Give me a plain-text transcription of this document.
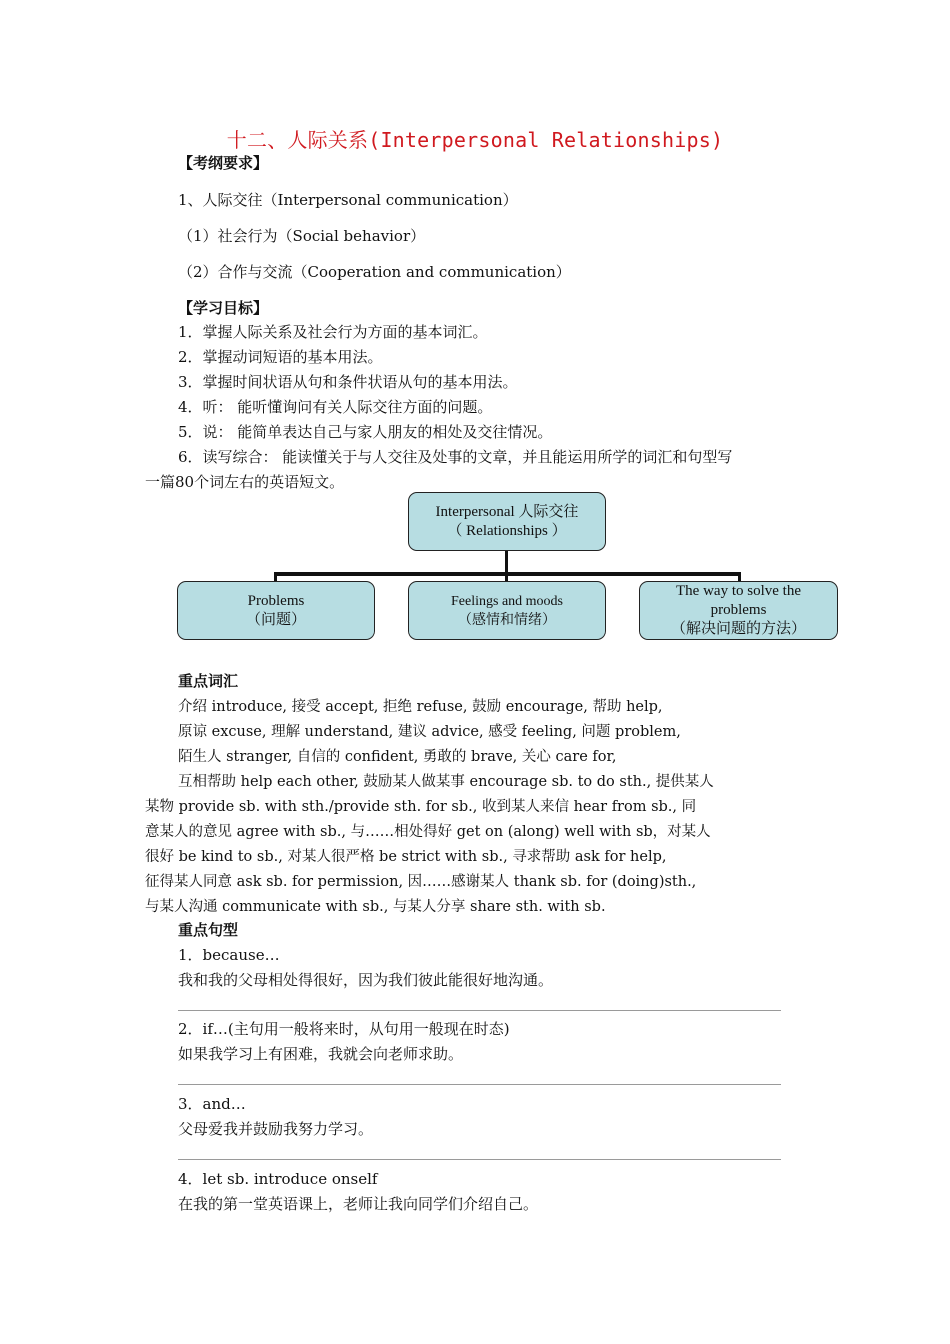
十二、人际关系(Interpersonal Relationships)
【考纲要求】
1、人际交往（Interpersonal communication）
（1）社会行为（Social behavior）
（2）合作与交流（Cooperation and communication）
【学习目标】
1．掌握人际关系及社会行为方面的基本词汇。
2．掌握动词短语的基本用法。
3．掌握时间状语从句和条件状语从句的基本用法。
4．听： 能听懂询问有关人际交往方面的问题。
5．说： 能简单表达自己与家人朋友的相处及交往情况。
6．读写综合： 能读懂关于与人交往及处事的文章，并且能运用所学的词汇和句型写
一篇80个词左右的英语短文。
Interpersonal 人际交往
（ Relationships ）
Problems
（问题）
Feelings and moods
（感情和情绪）
The way to solve the
problems
（解决问题的方法）
重点词汇
介绍 introduce, 接受 accept, 拒绝 refuse, 鼓励 encourage, 帮助 help,
原谅 excuse, 理解 understand, 建议 advice, 感受 feeling, 问题 problem,
陌生人 stranger, 自信的 confident, 勇敢的 brave, 关心 care for,
互相帮助 help each other, 鼓励某人做某事 encourage sb. to do sth., 提供某人
某物 provide sb. with sth./provide sth. for sb., 收到某人来信 hear from sb., 同
意某人的意见 agree with sb., 与……相处得好 get on (along) well with sb，对某人
很好 be kind to sb., 对某人很严格 be strict with sb., 寻求帮助 ask for help,
征得某人同意 ask sb. for permission, 因……感谢某人 thank sb. for (doing)sth.,
与某人沟通 communicate with sb., 与某人分享 share sth. with sb.
重点句型
1．because…
我和我的父母相处得很好，因为我们彼此能很好地沟通。
2．if…(主句用一般将来时，从句用一般现在时态)
如果我学习上有困难，我就会向老师求助。
3．and…
父母爱我并鼓励我努力学习。
4．let sb. introduce onself
在我的第一堂英语课上，老师让我向同学们介绍自己。
